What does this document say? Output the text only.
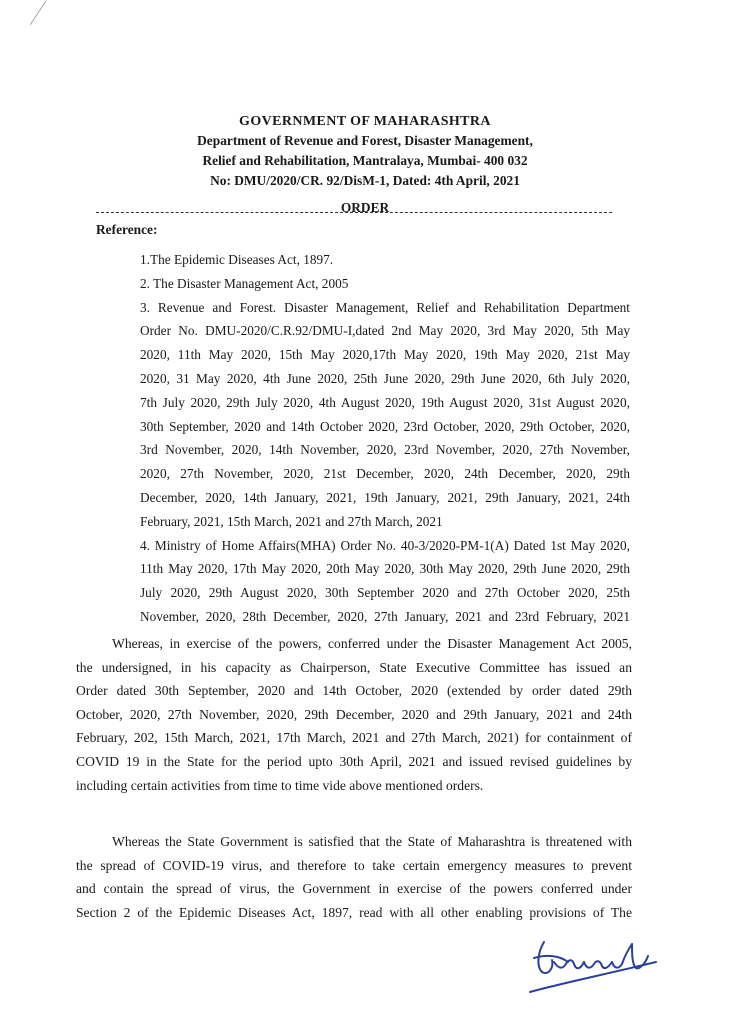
GOVERNMENT OF MAHARASHTRA
Department of Revenue and Forest, Disaster Management,
Relief and Rehabilitation, Mantralaya, Mumbai- 400 032
No: DMU/2020/CR. 92/DisM-1, Dated: 4th April, 2021
ORDER
Reference:

1.The Epidemic Diseases Act, 1897.

2. The Disaster Management Act, 2005

3. Revenue and Forest. Disaster Management, Relief and Rehabilitation Department

Order No. DMU-2020/C.R.92/DMU-I,dated 2nd May 2020, 3rd May 2020, 5th May

2020, 11th May 2020, 15th May 2020,17th May 2020, 19th May 2020, 21st May

2020, 31 May 2020, 4th June 2020, 25th June 2020, 29th June 2020, 6th July 2020,

7th July 2020, 29th July 2020, 4th August 2020, 19th August 2020, 31st August 2020,

30th September, 2020 and 14th October 2020, 23rd October, 2020, 29th October, 2020,

3rd November, 2020, 14th November, 2020, 23rd November, 2020, 27th November,

2020, 27th November, 2020, 21st December, 2020, 24th December, 2020, 29th

December, 2020, 14th January, 2021, 19th January, 2021, 29th January, 2021, 24th

February, 2021, 15th March, 2021 and 27th March, 2021

4. Ministry of Home Affairs(MHA) Order No. 40-3/2020-PM-1(A) Dated 1st May 2020,

11th May 2020, 17th May 2020, 20th May 2020, 30th May 2020, 29th June 2020, 29th

July 2020, 29th August 2020, 30th September 2020 and 27th October 2020, 25th

November, 2020, 28th December, 2020, 27th January, 2021 and 23rd February, 2021

Whereas, in exercise of the powers, conferred under the Disaster Management Act 2005,
the undersigned, in his capacity as Chairperson, State Executive Committee has issued an
Order dated 30th September, 2020 and 14th October, 2020 (extended by order dated 29th
October, 2020, 27th November, 2020, 29th December, 2020 and 29th January, 2021 and 24th
February, 202, 15th March, 2021, 17th March, 2021 and 27th March, 2021) for containment of
COVID 19 in the State for the period upto 30th April, 2021 and issued revised guidelines by
including certain activities from time to time vide above mentioned orders.
Whereas the State Government is satisfied that the State of Maharashtra is threatened with
the spread of COVID-19 virus, and therefore to take certain emergency measures to prevent
and contain the spread of virus, the Government in exercise of the powers conferred under
Section 2 of the Epidemic Diseases Act, 1897, read with all other enabling provisions of The
